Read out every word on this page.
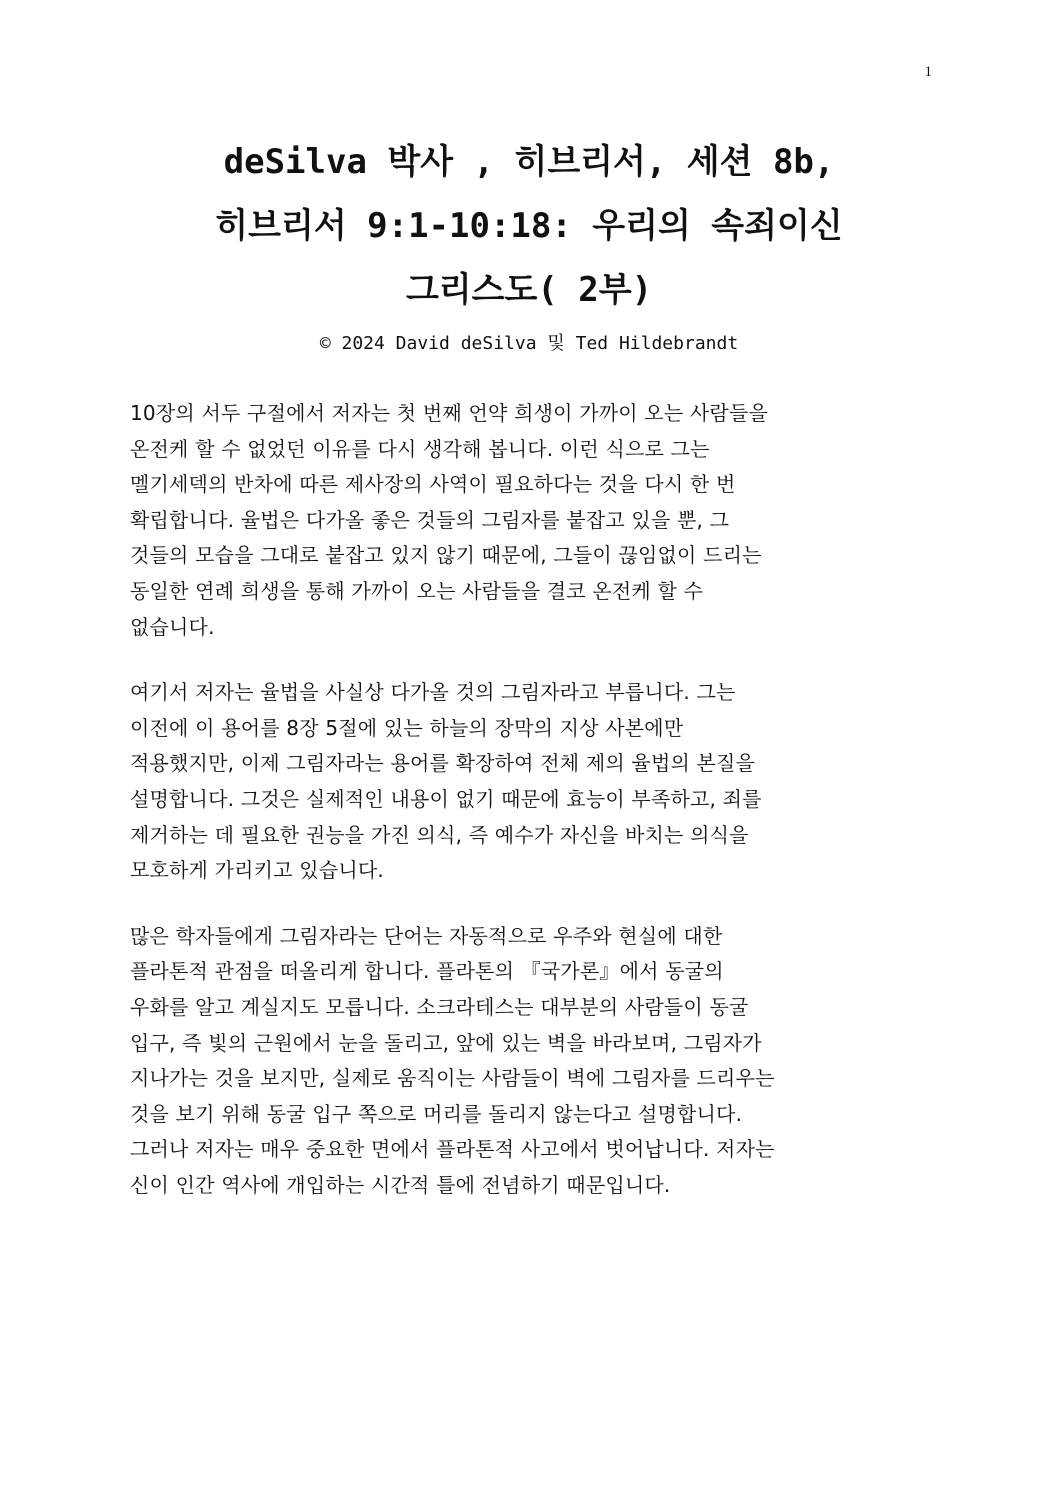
1
deSilva 박사 , 히브리서, 세션 8b,
히브리서 9:1-10:18: 우리의 속죄이신
그리스도( 2부)
© 2024 David deSilva 및 Ted Hildebrandt
10장의 서두 구절에서 저자는 첫 번째 언약 희생이 가까이 오는 사람들을
온전케 할 수 없었던 이유를 다시 생각해 봅니다. 이런 식으로 그는
멜기세덱의 반차에 따른 제사장의 사역이 필요하다는 것을 다시 한 번
확립합니다. 율법은 다가올 좋은 것들의 그림자를 붙잡고 있을 뿐, 그
것들의 모습을 그대로 붙잡고 있지 않기 때문에, 그들이 끊임없이 드리는
동일한 연례 희생을 통해 가까이 오는 사람들을 결코 온전케 할 수
없습니다.
여기서 저자는 율법을 사실상 다가올 것의 그림자라고 부릅니다. 그는
이전에 이 용어를 8장 5절에 있는 하늘의 장막의 지상 사본에만
적용했지만, 이제 그림자라는 용어를 확장하여 전체 제의 율법의 본질을
설명합니다. 그것은 실제적인 내용이 없기 때문에 효능이 부족하고, 죄를
제거하는 데 필요한 권능을 가진 의식, 즉 예수가 자신을 바치는 의식을
모호하게 가리키고 있습니다.
많은 학자들에게 그림자라는 단어는 자동적으로 우주와 현실에 대한
플라톤적 관점을 떠올리게 합니다. 플라톤의 『국가론』에서 동굴의
우화를 알고 계실지도 모릅니다. 소크라테스는 대부분의 사람들이 동굴
입구, 즉 빛의 근원에서 눈을 돌리고, 앞에 있는 벽을 바라보며, 그림자가
지나가는 것을 보지만, 실제로 움직이는 사람들이 벽에 그림자를 드리우는
것을 보기 위해 동굴 입구 쪽으로 머리를 돌리지 않는다고 설명합니다.
그러나 저자는 매우 중요한 면에서 플라톤적 사고에서 벗어납니다. 저자는
신이 인간 역사에 개입하는 시간적 틀에 전념하기 때문입니다.
